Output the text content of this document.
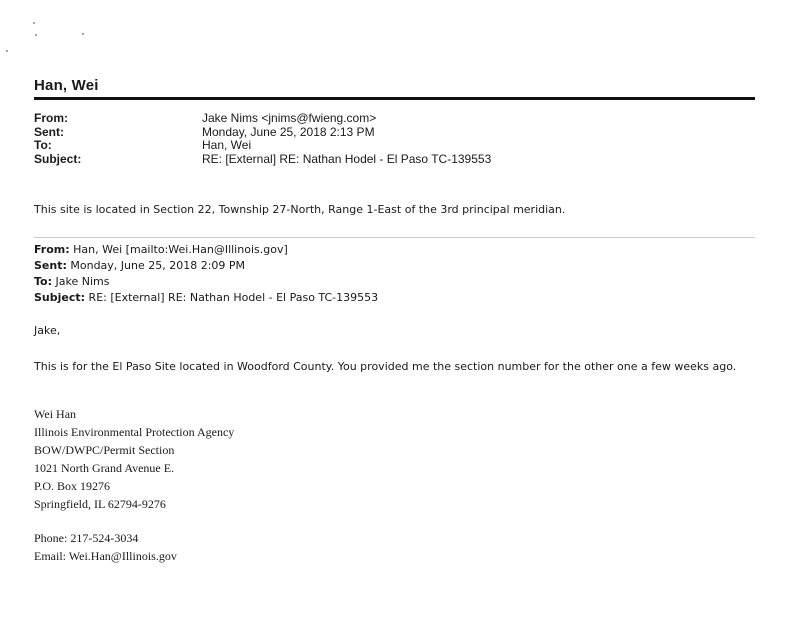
Han, Wei
From:	Jake Nims <jnims@fwieng.com>
Sent:	Monday, June 25, 2018 2:13 PM
To:	Han, Wei
Subject:	RE: [External] RE: Nathan Hodel - El Paso TC-139553
This site is located in Section 22, Township 27-North, Range 1-East of the 3rd principal meridian.
From: Han, Wei [mailto:Wei.Han@Illinois.gov]
Sent: Monday, June 25, 2018 2:09 PM
To: Jake Nims
Subject: RE: [External] RE: Nathan Hodel - El Paso TC-139553
Jake,
This is for the El Paso Site located in Woodford County. You provided me the section number for the other one a few weeks ago.
Wei Han
Illinois Environmental Protection Agency
BOW/DWPC/Permit Section
1021 North Grand Avenue E.
P.O. Box 19276
Springfield, IL 62794-9276
Phone: 217-524-3034
Email: Wei.Han@Illinois.gov
